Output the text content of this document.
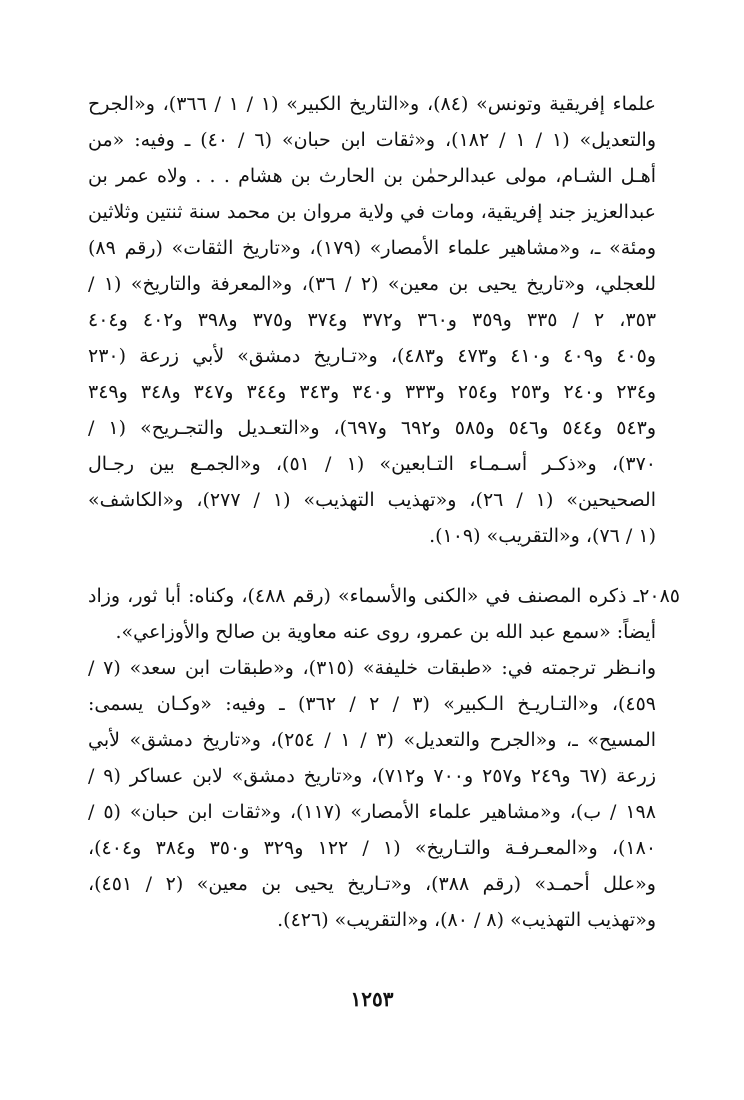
علماء إفريقية وتونس» (٨٤)، و«التاريخ الكبير» (١ / ١ / ٣٦٦)، و«الجرح
والتعديل» (١ / ١ / ١٨٢)، و«ثقات ابن حبان» (٦ / ٤٠) ـ وفيه: «من
أهـل الشـام، مولى عبدالرحمٰن بن الحارث بن هشام . . . ولاه عمر بن
عبدالعزيز جند إفريقية، ومات في ولاية مروان بن محمد سنة ثنتين وثلاثين
ومئة» ـ، و«مشاهير علماء الأمصار» (١٧٩)، و«تاريخ الثقات» (رقم ٨٩)
للعجلي، و«تاريخ يحيى بن معين» (٢ / ٣٦)، و«المعرفة والتاريخ» (١ /
٣٥٣، ٢ / ٣٣٥ و٣٥٩ و٣٦٠ و٣٧٢ و٣٧٤ و٣٧٥ و٣٩٨ و٤٠٢ و٤٠٤
و٤٠٥ و٤٠٩ و٤١٠ و٤٧٣ و٤٨٣)، و«تـاريخ دمشق» لأبي زرعة (٢٣٠
و٢٣٤ و٢٤٠ و٢٥٣ و٢٥٤ و٣٣٣ و٣٤٠ و٣٤٣ و٣٤٤ و٣٤٧ و٣٤٨ و٣٤٩
و٥٤٣ و٥٤٤ و٥٤٦ و٥٨٥ و٦٩٢ و٦٩٧)، و«التعـديل والتجـريح» (١ /
٣٧٠)، و«ذكـر أسـمـاء التـابعين» (١ / ٥١)، و«الجمـع بين رجـال
الصحيحين» (١ / ٢٦)، و«تهذيب التهذيب» (١ / ٢٧٧)، و«الكاشف»
(١ / ٧٦)، و«التقريب» (١٠٩).
٢٠٨٥ـ ذكره المصنف في «الكنى والأسماء» (رقم ٤٨٨)، وكناه: أبا ثور، وزاد
أيضاً: «سمع عبد الله بن عمرو، روى عنه معاوية بن صالح والأوزاعي».
وانـظر ترجمته في: «طبقات خليفة» (٣١٥)، و«طبقات ابن سعد» (٧ /
٤٥٩)، و«التـاريـخ الـكبير» (٣ / ٢ / ٣٦٢) ـ وفيه: «وكـان يسمى:
المسيح» ـ، و«الجرح والتعديل» (٣ / ١ / ٢٥٤)، و«تاريخ دمشق» لأبي
زرعة (٦٧ و٢٤٩ و٢٥٧ و٧٠٠ و٧١٢)، و«تاريخ دمشق» لابن عساكر (٩ /
١٩٨ / ب)، و«مشاهير علماء الأمصار» (١١٧)، و«ثقات ابن حبان» (٥ /
١٨٠)، و«المعـرفـة والتـاريخ» (١ / ١٢٢ و٣٢٩ و٣٥٠ و٣٨٤ و٤٠٤)،
و«علل أحمـد» (رقم ٣٨٨)، و«تـاريخ يحيى بن معين» (٢ / ٤٥١)،
و«تهذيب التهذيب» (٨ / ٨٠)، و«التقريب» (٤٢٦).
١٢٥٣
